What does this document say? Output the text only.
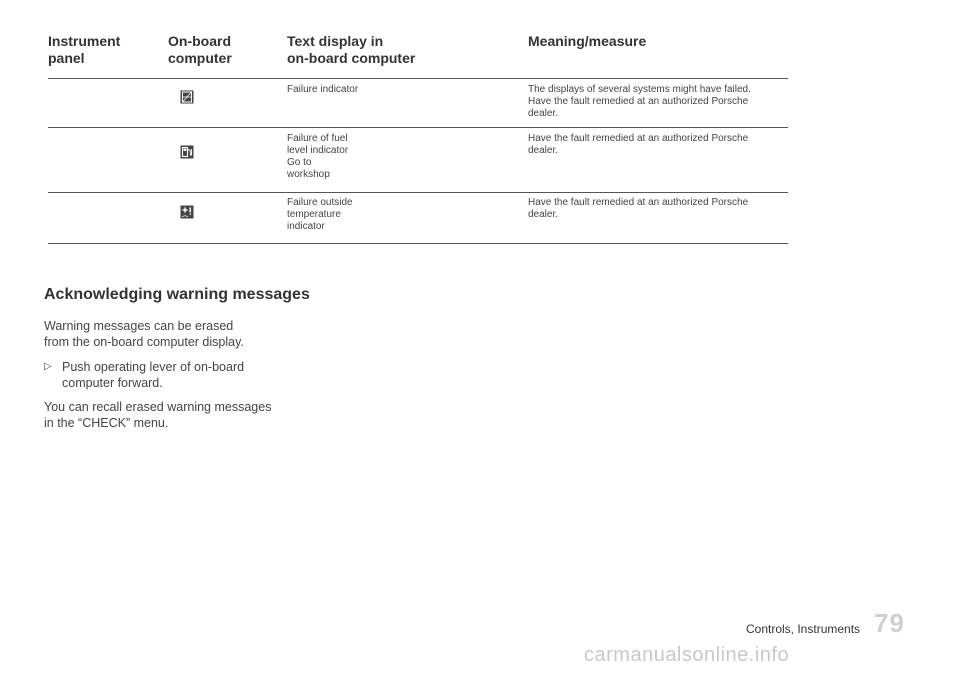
Instrument
panel
On-board
computer
Text display in
on-board computer
Meaning/measure
Failure indicator	The displays of several systems might have failed.
Have the fault remedied at an authorized Porsche
dealer.
Failure of fuel
level indicator
Go to
workshop
Have the fault remedied at an authorized Porsche
dealer.
Failure outside
temperature
indicator
Have the fault remedied at an authorized Porsche
dealer.
Acknowledging warning messages
Warning messages can be erased
from the on-board computer display.
▷ Push operating lever of on-board
computer forward.
You can recall erased warning messages
in the “CHECK” menu.
Controls, Instruments 79
carmanualsonline.info
